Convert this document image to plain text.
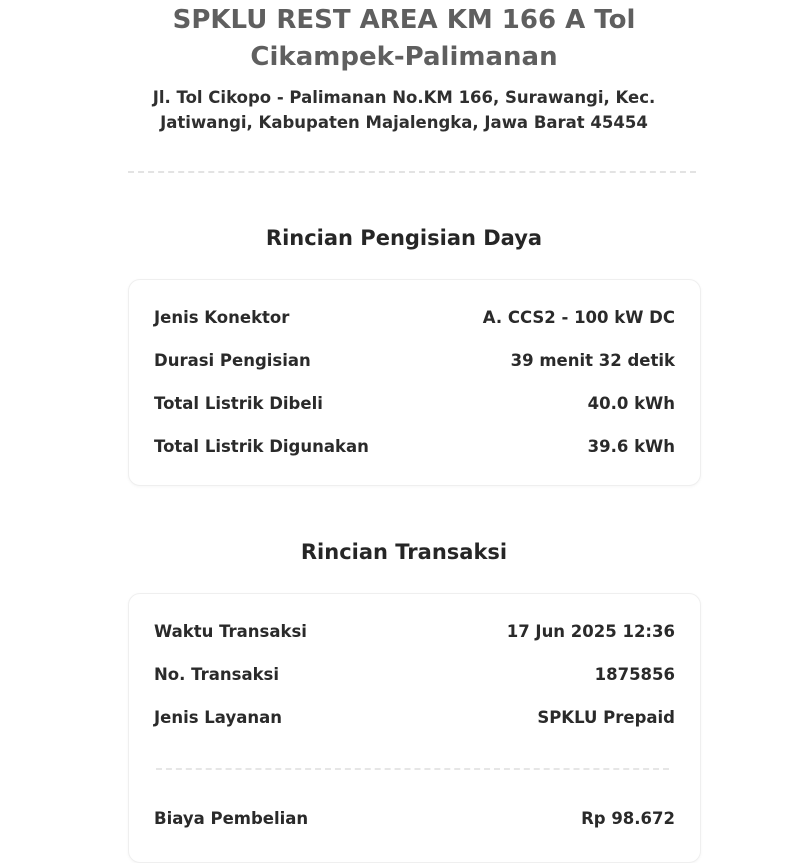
SPKLU REST AREA KM 166 A Tol
Cikampek-Palimanan
Jl. Tol Cikopo - Palimanan No.KM 166, Surawangi, Kec.
Jatiwangi, Kabupaten Majalengka, Jawa Barat 45454
Rincian Pengisian Daya
Jenis Konektor	A. CCS2 - 100 kW DC
Durasi Pengisian	39 menit 32 detik
Total Listrik Dibeli	40.0 kWh
Total Listrik Digunakan	39.6 kWh
Rincian Transaksi
Waktu Transaksi	17 Jun 2025 12:36
No. Transaksi	1875856
Jenis Layanan	SPKLU Prepaid
Biaya Pembelian	Rp 98.672
